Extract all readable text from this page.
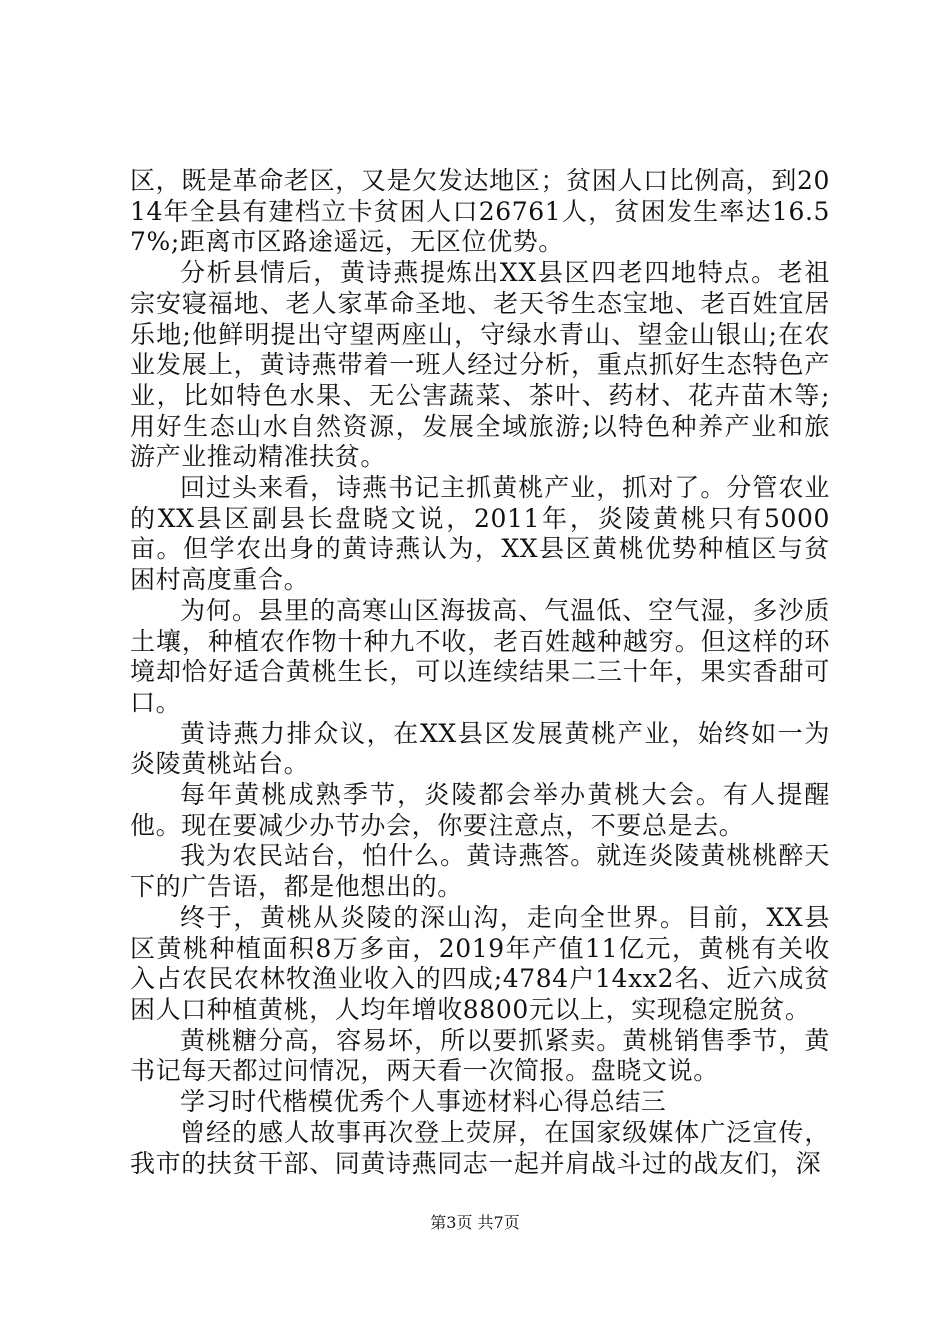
区，既是革命老区，又是欠发达地区；贫困人口比例高，到2014年全县有建档立卡贫困人口26761人，贫困发生率达16.57%;距离市区路途遥远，无区位优势。

分析县情后，黄诗燕提炼出XX县区四老四地特点。老祖宗安寝福地、老人家革命圣地、老天爷生态宝地、老百姓宜居乐地;他鲜明提出守望两座山，守绿水青山、望金山银山;在农业发展上，黄诗燕带着一班人经过分析，重点抓好生态特色产业，比如特色水果、无公害蔬菜、茶叶、药材、花卉苗木等;用好生态山水自然资源，发展全域旅游;以特色种养产业和旅游产业推动精准扶贫。

回过头来看，诗燕书记主抓黄桃产业，抓对了。分管农业的XX县区副县长盘晓文说，2011年，炎陵黄桃只有5000亩。但学农出身的黄诗燕认为，XX县区黄桃优势种植区与贫困村高度重合。

为何。县里的高寒山区海拔高、气温低、空气湿，多沙质土壤，种植农作物十种九不收，老百姓越种越穷。但这样的环境却恰好适合黄桃生长，可以连续结果二三十年，果实香甜可口。

黄诗燕力排众议，在XX县区发展黄桃产业，始终如一为炎陵黄桃站台。

每年黄桃成熟季节，炎陵都会举办黄桃大会。有人提醒他。现在要减少办节办会，你要注意点，不要总是去。

我为农民站台，怕什么。黄诗燕答。就连炎陵黄桃桃醉天下的广告语，都是他想出的。

终于，黄桃从炎陵的深山沟，走向全世界。目前，XX县区黄桃种植面积8万多亩，2019年产值11亿元，黄桃有关收入占农民农林牧渔业收入的四成;4784户14xx2名、近六成贫困人口种植黄桃，人均年增收8800元以上，实现稳定脱贫。

黄桃糖分高，容易坏，所以要抓紧卖。黄桃销售季节，黄书记每天都过问情况，两天看一次简报。盘晓文说。

学习时代楷模优秀个人事迹材料心得总结三

曾经的感人故事再次登上荧屏，在国家级媒体广泛宣传，我市的扶贫干部、同黄诗燕同志一起并肩战斗过的战友们，深

第3页 共7页
